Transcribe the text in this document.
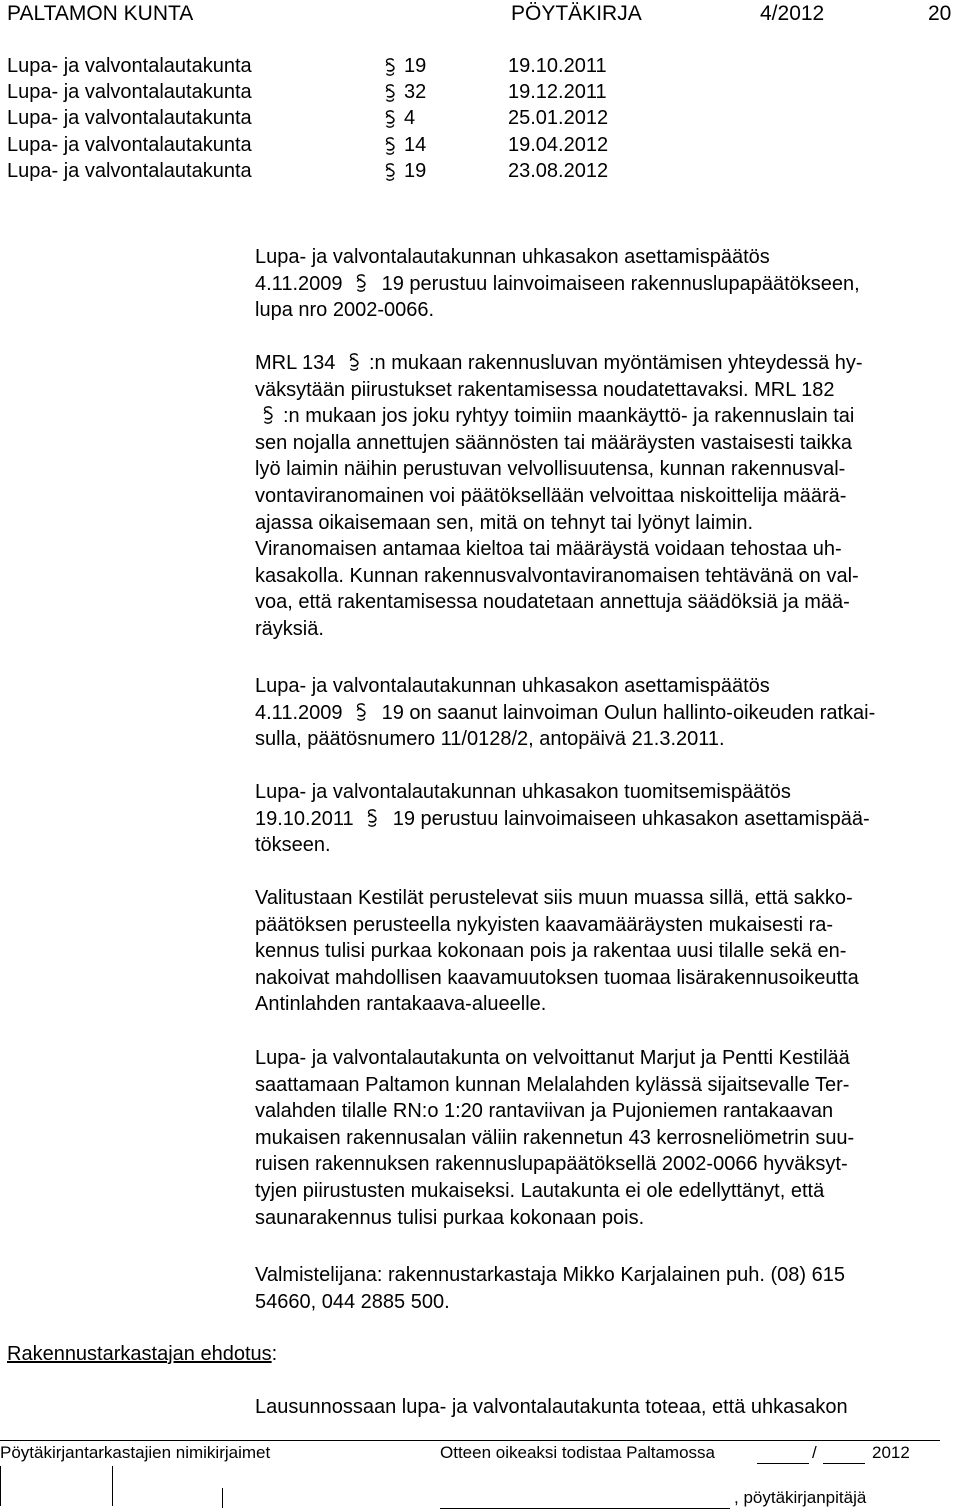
PALTAMON KUNTA	PÖYTÄKIRJA	4/2012	20
Lupa- ja valvontalautakunta	19	19.10.2011
Lupa- ja valvontalautakunta	32	19.12.2011
Lupa- ja valvontalautakunta	4	25.01.2012
Lupa- ja valvontalautakunta	14	19.04.2012
Lupa- ja valvontalautakunta	19	23.08.2012
Lupa- ja valvontalautakunnan uhkasakon asettamispäätös
4.11.2009  19 perustuu lainvoimaiseen rakennuslupapäätökseen,
lupa nro 2002-0066.
MRL 134 :n mukaan rakennusluvan myöntämisen yhteydessä hy-
väksytään piirustukset rakentamisessa noudatettavaksi. MRL 182
:n mukaan jos joku ryhtyy toimiin maankäyttö- ja rakennuslain tai
sen nojalla annettujen säännösten tai määräysten vastaisesti taikka
lyö laimin näihin perustuvan velvollisuutensa, kunnan rakennusval-
vontaviranomainen voi päätöksellään velvoittaa niskoittelija määrä-
ajassa oikaisemaan sen, mitä on tehnyt tai lyönyt laimin.
Viranomaisen antamaa kieltoa tai määräystä voidaan tehostaa uh-
kasakolla. Kunnan rakennusvalvontaviranomaisen tehtävänä on val-
voa, että rakentamisessa noudatetaan annettuja säädöksiä ja mää-
räyksiä.
Lupa- ja valvontalautakunnan uhkasakon asettamispäätös
4.11.2009  19 on saanut lainvoiman Oulun hallinto-oikeuden ratkai-
sulla, päätösnumero 11/0128/2, antopäivä 21.3.2011.
Lupa- ja valvontalautakunnan uhkasakon tuomitsemispäätös
19.10.2011  19 perustuu lainvoimaiseen uhkasakon asettamispää-
tökseen.
Valitustaan Kestilät perustelevat siis muun muassa sillä, että sakko-
päätöksen perusteella nykyisten kaavamääräysten mukaisesti ra-
kennus tulisi purkaa kokonaan pois ja rakentaa uusi tilalle sekä en-
nakoivat mahdollisen kaavamuutoksen tuomaa lisärakennusoikeutta
Antinlahden rantakaava-alueelle.
Lupa- ja valvontalautakunta on velvoittanut Marjut ja Pentti Kestilää
saattamaan Paltamon kunnan Melalahden kylässä sijaitsevalle Ter-
valahden tilalle RN:o 1:20 rantaviivan ja Pujoniemen rantakaavan
mukaisen rakennusalan väliin rakennetun 43 kerrosneliömetrin suu-
ruisen rakennuksen rakennuslupapäätöksellä 2002-0066 hyväksyt-
tyjen piirustusten mukaiseksi. Lautakunta ei ole edellyttänyt, että
saunarakennus tulisi purkaa kokonaan pois.
Valmistelijana: rakennustarkastaja Mikko Karjalainen puh. (08) 615
54660, 044 2885 500.
Lausunnossaan lupa- ja valvontalautakunta toteaa, että uhkasakon
Rakennustarkastajan ehdotus:
Pöytäkirjantarkastajien nimikirjaimet	Otteen oikeaksi todistaa Paltamossa	/	2012
, pöytäkirjanpitäjä
